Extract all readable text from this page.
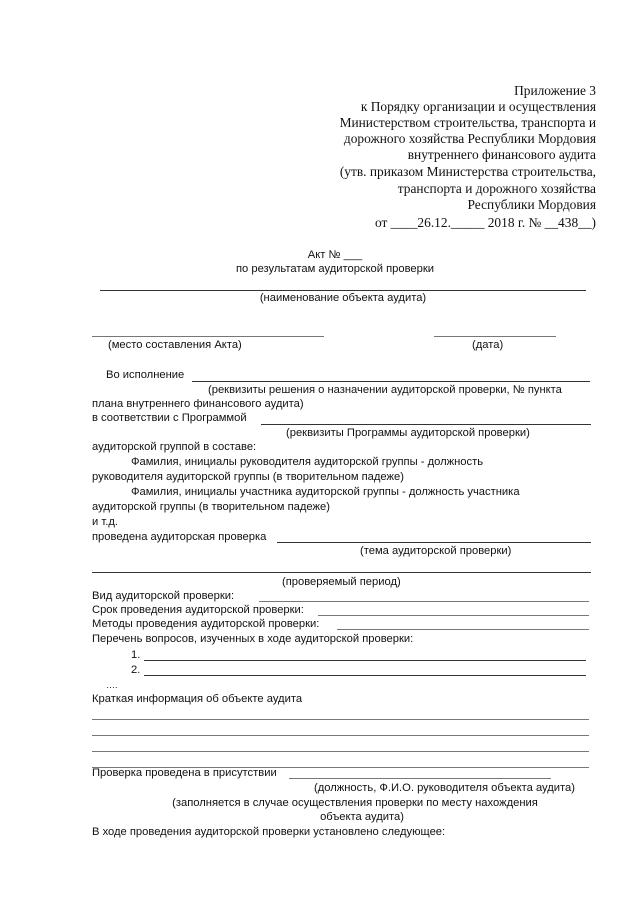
Приложение 3
к Порядку организации и осуществления
Министерством строительства, транспорта и
дорожного хозяйства Республики Мордовия
внутреннего финансового аудита
(утв. приказом Министерства строительства,
транспорта и дорожного хозяйства
Республики Мордовия
от ____26.12._____ 2018 г. № __438__)
Акт № ___
по результатам аудиторской проверки
(наименование объекта аудита)
(место составления Акта)	(дата)
Во исполнение
(реквизиты решения о назначении аудиторской проверки, № пункта
плана внутреннего финансового аудита)
в соответствии с Программой
(реквизиты Программы аудиторской проверки)
аудиторской группой в составе:
Фамилия, инициалы руководителя аудиторской группы - должность
руководителя аудиторской группы (в творительном падеже)
Фамилия, инициалы участника аудиторской группы - должность участника
аудиторской группы (в творительном падеже)
и т.д.
проведена аудиторская проверка
(тема аудиторской проверки)
(проверяемый период)
Вид аудиторской проверки:
Срок проведения аудиторской проверки:
Методы проведения аудиторской проверки:
Перечень вопросов, изученных в ходе аудиторской проверки:
1.
2.
….
Краткая информация об объекте аудита
Проверка проведена в присутствии
(должность, Ф.И.О. руководителя объекта аудита)
(заполняется в случае осуществления проверки по месту нахождения
объекта аудита)
В ходе проведения аудиторской проверки установлено следующее:
